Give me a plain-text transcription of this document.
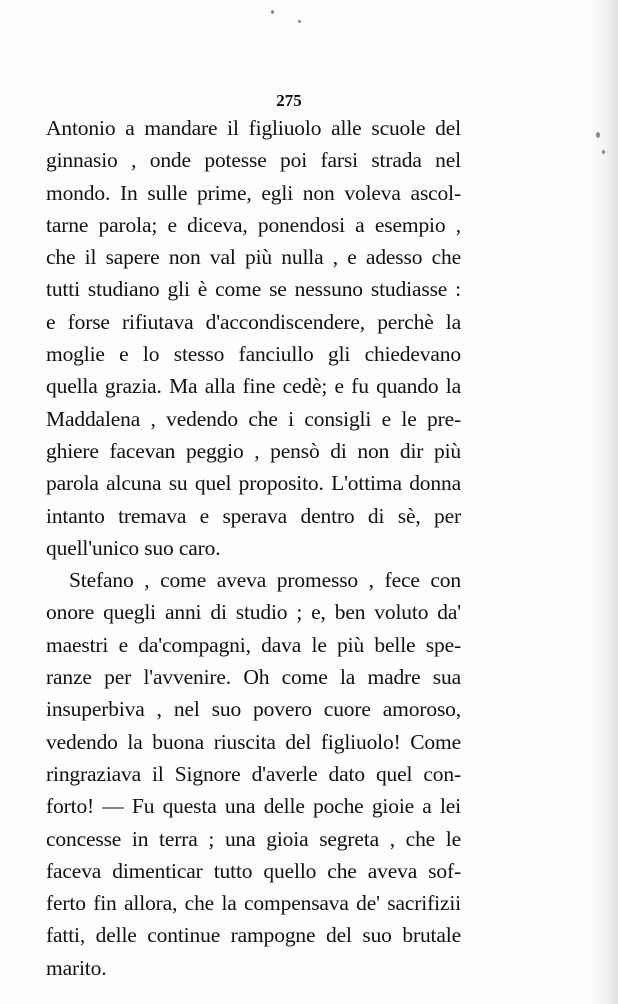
275
Antonio a mandare il figliuolo alle scuole del
ginnasio , onde potesse poi farsi strada nel
mondo. In sulle prime, egli non voleva ascol-
tarne parola; e diceva, ponendosi a esempio ,
che il sapere non val più nulla , e adesso che
tutti studiano gli è come se nessuno studiasse :
e forse rifiutava d'accondiscendere, perchè la
moglie e lo stesso fanciullo gli chiedevano
quella grazia. Ma alla fine cedè; e fu quando la
Maddalena , vedendo che i consigli e le pre-
ghiere facevan peggio , pensò di non dir più
parola alcuna su quel proposito. L'ottima donna
intanto tremava e sperava dentro di sè, per
quell'unico suo caro.
Stefano , come aveva promesso , fece con
onore quegli anni di studio ; e, ben voluto da'
maestri e da'compagni, dava le più belle spe-
ranze per l'avvenire. Oh come la madre sua
insuperbiva , nel suo povero cuore amoroso,
vedendo la buona riuscita del figliuolo! Come
ringraziava il Signore d'averle dato quel con-
forto! — Fu questa una delle poche gioie a lei
concesse in terra ; una gioia segreta , che le
faceva dimenticar tutto quello che aveva sof-
ferto fin allora, che la compensava de' sacrifizii
fatti, delle continue rampogne del suo brutale
marito.
